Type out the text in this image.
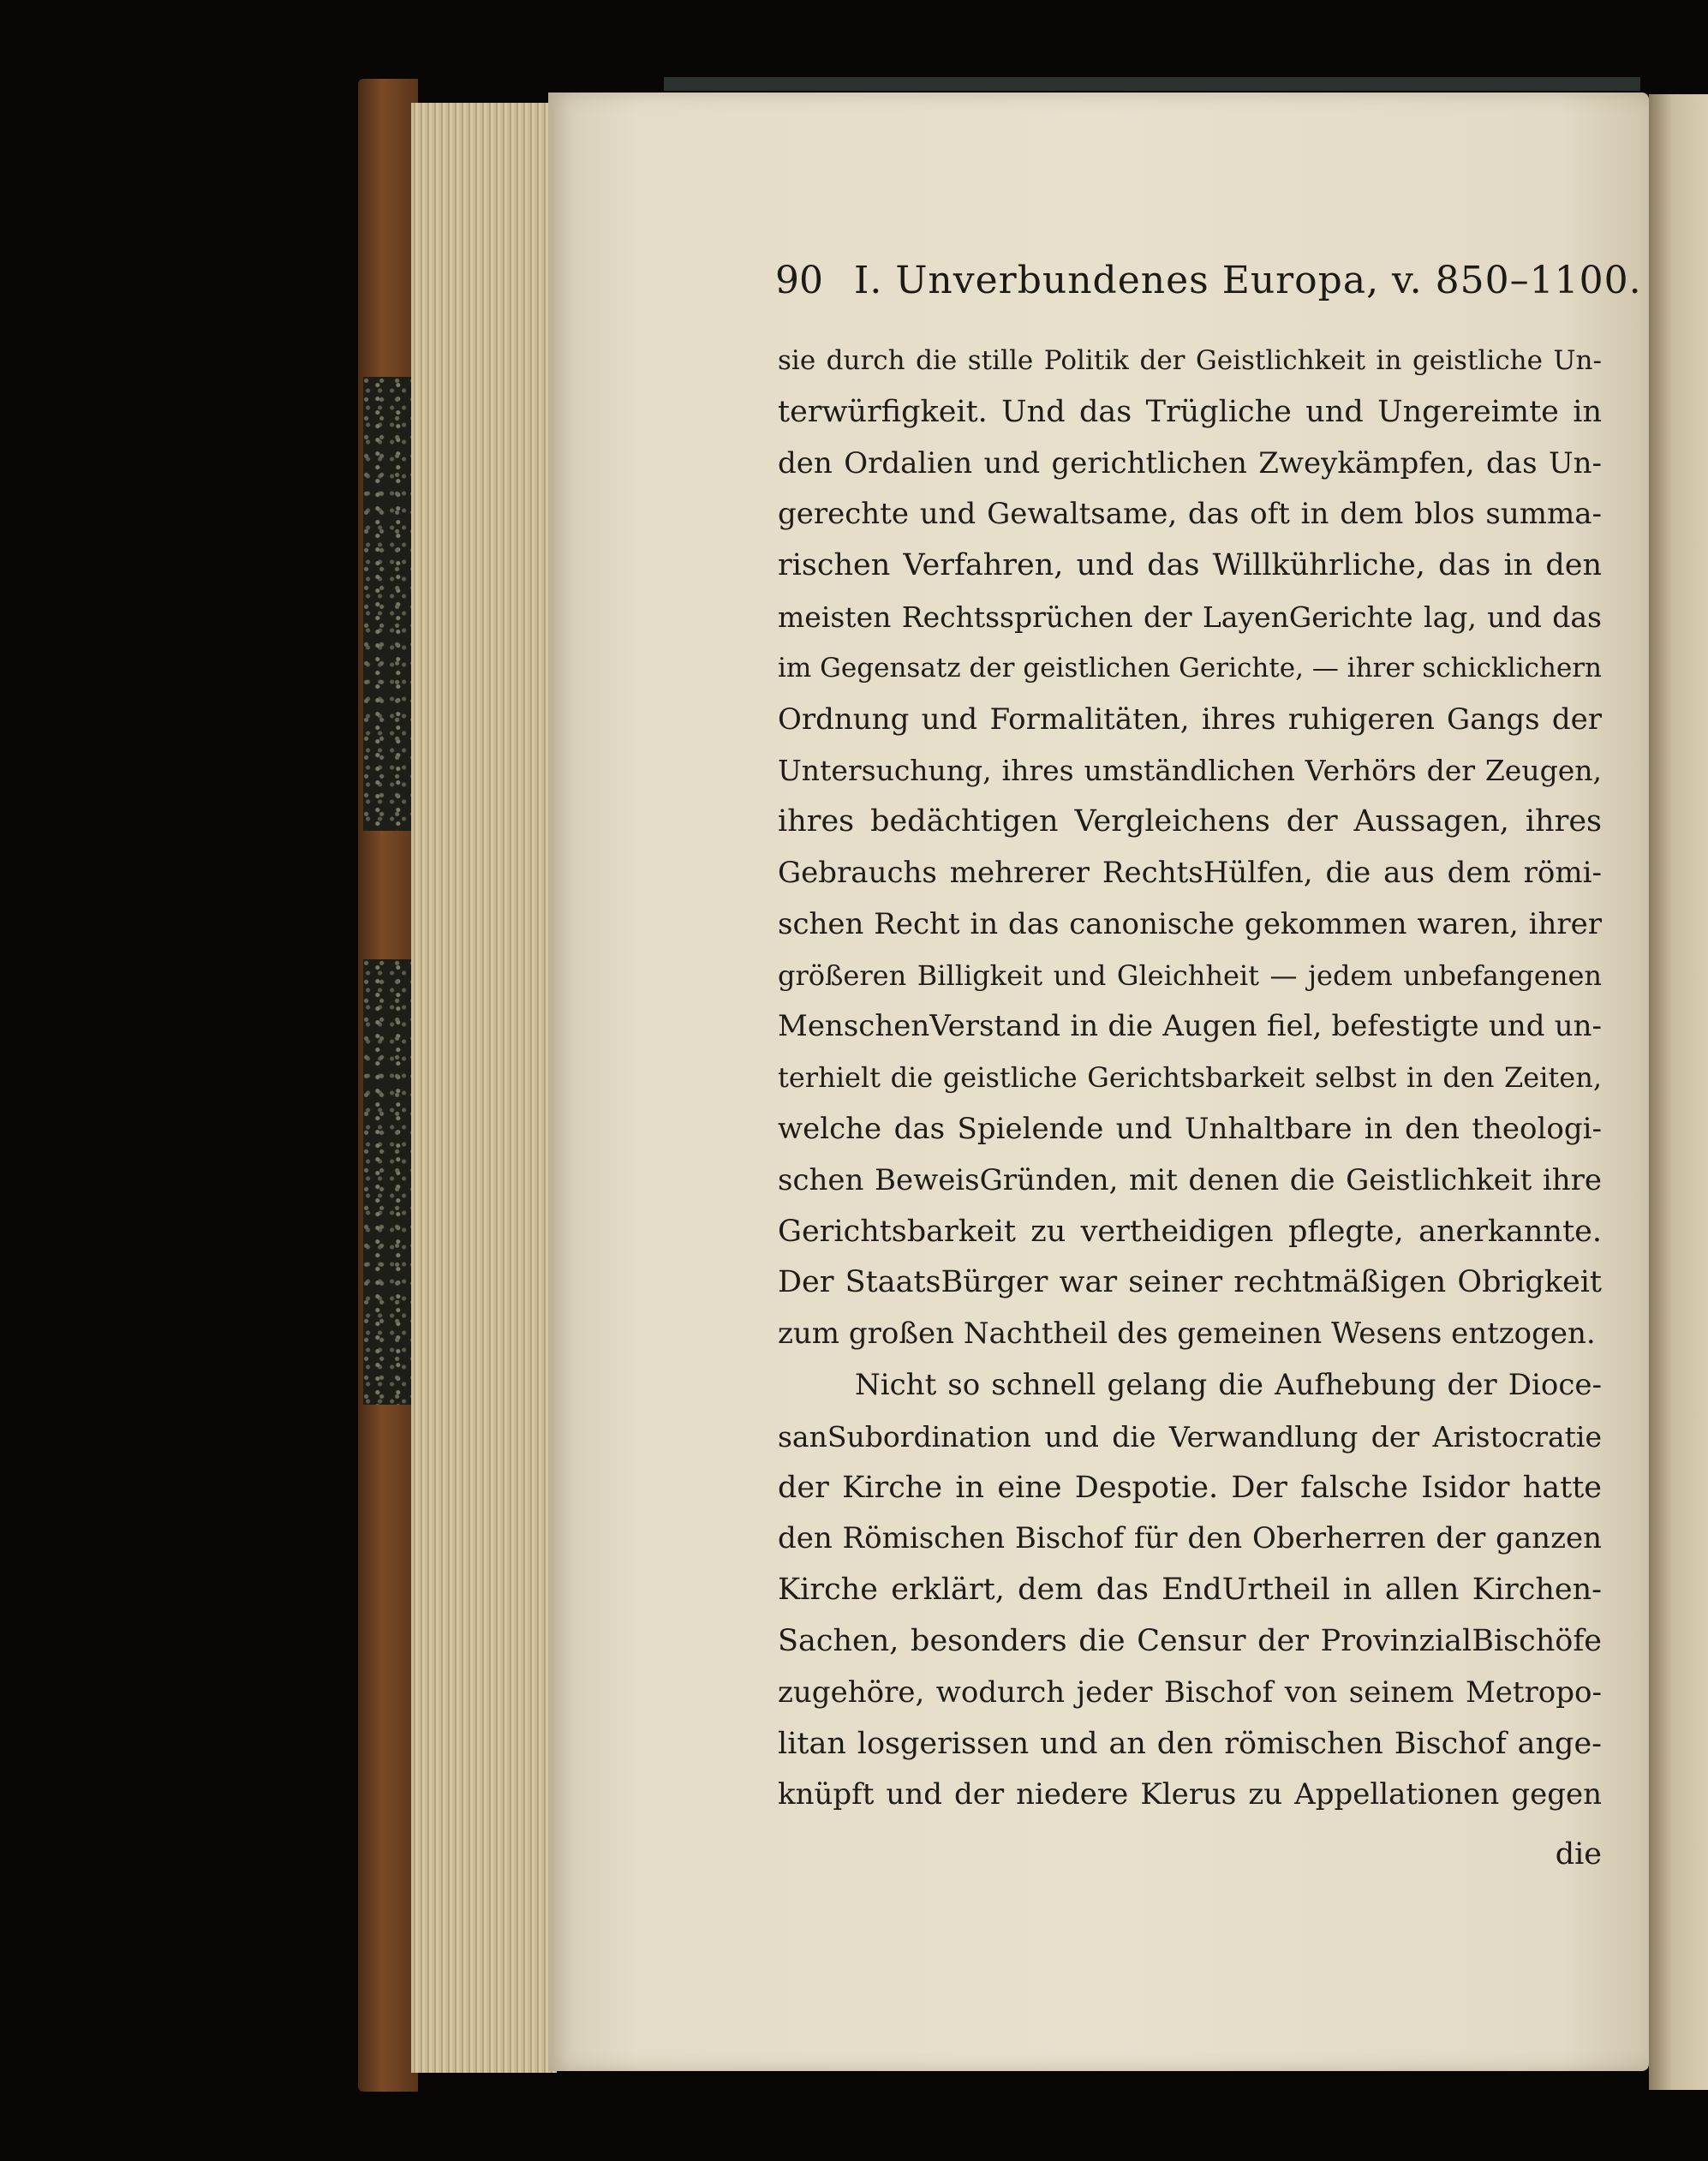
90 I. Unverbundenes Europa, v. 850–1100.
sie durch die stille Politik der Geistlichkeit in geistliche Un-
terwürfigkeit. Und das Trügliche und Ungereimte in
den Ordalien und gerichtlichen Zweykämpfen, das Un-
gerechte und Gewaltsame, das oft in dem blos summa-
rischen Verfahren, und das Willkührliche, das in den
meisten Rechtssprüchen der LayenGerichte lag, und das
im Gegensatz der geistlichen Gerichte, — ihrer schicklichern
Ordnung und Formalitäten, ihres ruhigeren Gangs der
Untersuchung, ihres umständlichen Verhörs der Zeugen,
ihres bedächtigen Vergleichens der Aussagen, ihres
Gebrauchs mehrerer RechtsHülfen, die aus dem römi-
schen Recht in das canonische gekommen waren, ihrer
größeren Billigkeit und Gleichheit — jedem unbefangenen
MenschenVerstand in die Augen fiel, befestigte und un-
terhielt die geistliche Gerichtsbarkeit selbst in den Zeiten,
welche das Spielende und Unhaltbare in den theologi-
schen BeweisGründen, mit denen die Geistlichkeit ihre
Gerichtsbarkeit zu vertheidigen pflegte, anerkannte.
Der StaatsBürger war seiner rechtmäßigen Obrigkeit
zum großen Nachtheil des gemeinen Wesens entzogen.
Nicht so schnell gelang die Aufhebung der Dioce-
sanSubordination und die Verwandlung der Aristocratie
der Kirche in eine Despotie. Der falsche Isidor hatte
den Römischen Bischof für den Oberherren der ganzen
Kirche erklärt, dem das EndUrtheil in allen Kirchen-
Sachen, besonders die Censur der ProvinzialBischöfe
zugehöre, wodurch jeder Bischof von seinem Metropo-
litan losgerissen und an den römischen Bischof ange-
knüpft und der niedere Klerus zu Appellationen gegen
die
